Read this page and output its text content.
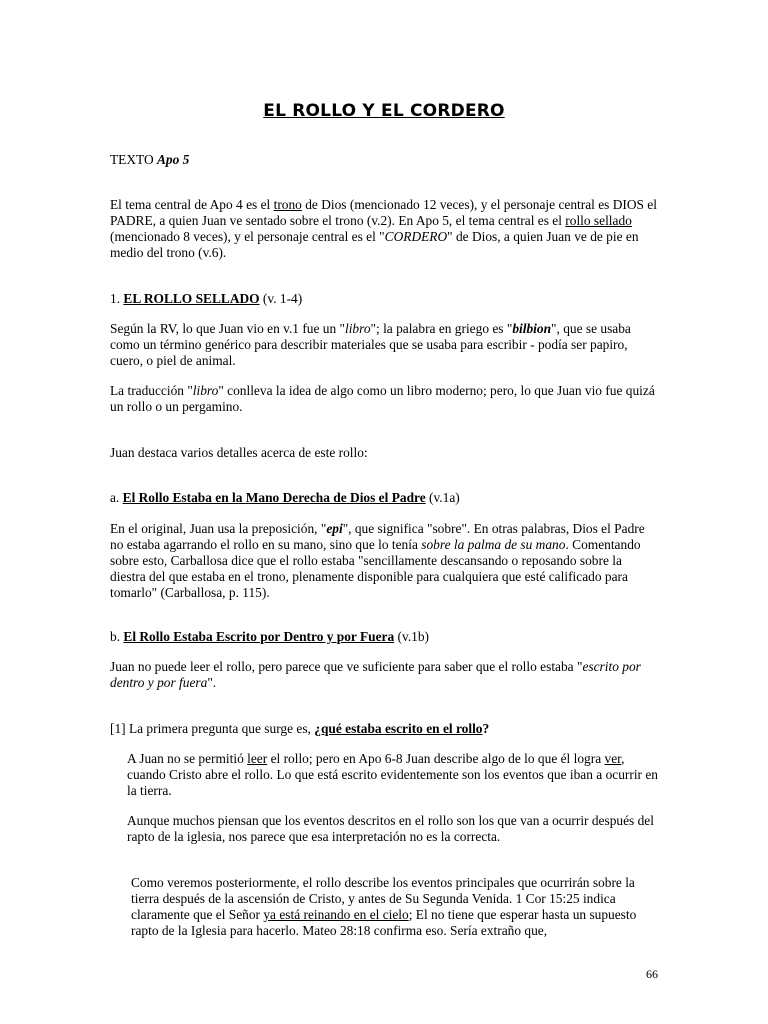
EL ROLLO Y EL CORDERO

TEXTO Apo 5

El tema central de Apo 4 es el trono de Dios (mencionado 12 veces), y el personaje central es DIOS el PADRE, a quien Juan ve sentado sobre el trono (v.2). En Apo 5, el tema central es el rollo sellado (mencionado 8 veces), y el personaje central es el "CORDERO" de Dios, a quien Juan ve de pie en medio del trono (v.6).

1. EL ROLLO SELLADO (v. 1-4)

Según la RV, lo que Juan vio en v.1 fue un "libro"; la palabra en griego es "bilbion", que se usaba como un término genérico para describir materiales que se usaba para escribir - podía ser papiro, cuero, o piel de animal.

La traducción "libro" conlleva la idea de algo como un libro moderno; pero, lo que Juan vio fue quizá un rollo o un pergamino.

Juan destaca varios detalles acerca de este rollo:

a. El Rollo Estaba en la Mano Derecha de Dios el Padre (v.1a)

En el original, Juan usa la preposición, "epi", que significa "sobre". En otras palabras, Dios el Padre no estaba agarrando el rollo en su mano, sino que lo tenía sobre la palma de su mano. Comentando sobre esto, Carballosa dice que el rollo estaba "sencillamente descansando o reposando sobre la diestra del que estaba en el trono, plenamente disponible para cualquiera que esté calificado para tomarlo" (Carballosa, p. 115).

b. El Rollo Estaba Escrito por Dentro y por Fuera (v.1b)

Juan no puede leer el rollo, pero parece que ve suficiente para saber que el rollo estaba "escrito por dentro y por fuera".

[1] La primera pregunta que surge es, ¿qué estaba escrito en el rollo?

A Juan no se permitió leer el rollo; pero en Apo 6-8 Juan describe algo de lo que él logra ver, cuando Cristo abre el rollo. Lo que está escrito evidentemente son los eventos que iban a ocurrir en la tierra.

Aunque muchos piensan que los eventos descritos en el rollo son los que van a ocurrir después del rapto de la iglesia, nos parece que esa interpretación no es la correcta.

Como veremos posteriormente, el rollo describe los eventos principales que ocurrirán sobre la tierra después de la ascensión de Cristo, y antes de Su Segunda Venida. 1 Cor 15:25 indica claramente que el Señor ya está reinando en el cielo; El no tiene que esperar hasta un supuesto rapto de la Iglesia para hacerlo. Mateo 28:18 confirma eso. Sería extraño que,

66
